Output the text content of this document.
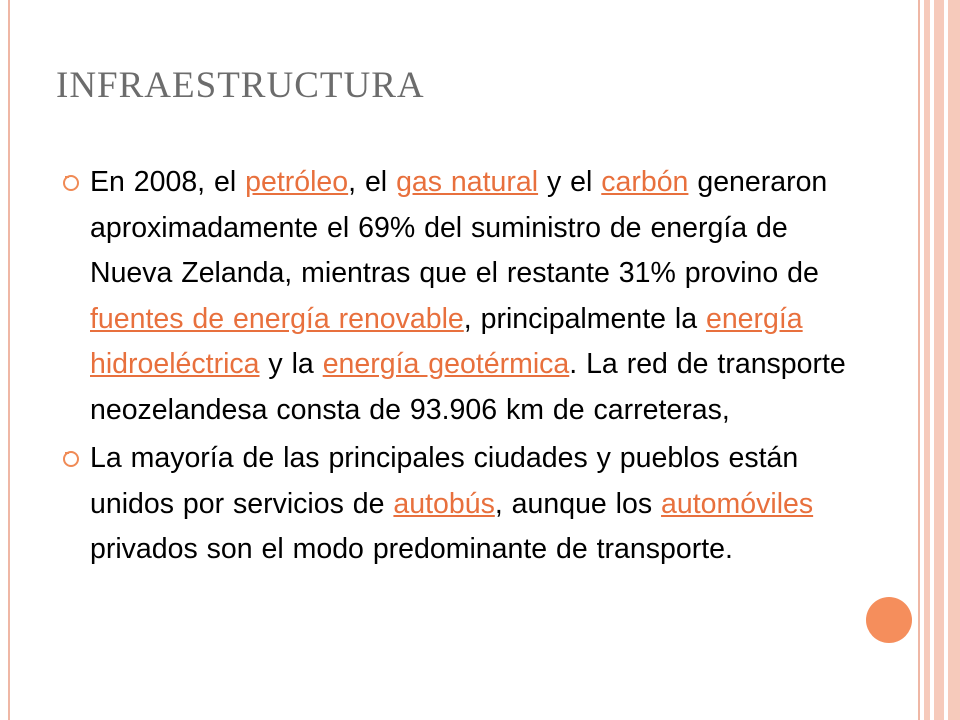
INFRAESTRUCTURA
En 2008, el petróleo, el gas natural y el carbón generaron aproximadamente el 69% del suministro de energía de Nueva Zelanda, mientras que el restante 31% provino de fuentes de energía renovable, principalmente la energía hidroeléctrica y la energía geotérmica. La red de transporte neozelandesa consta de 93.906 km de carreteras,
La mayoría de las principales ciudades y pueblos están unidos por servicios de autobús, aunque los automóviles privados son el modo predominante de transporte.
